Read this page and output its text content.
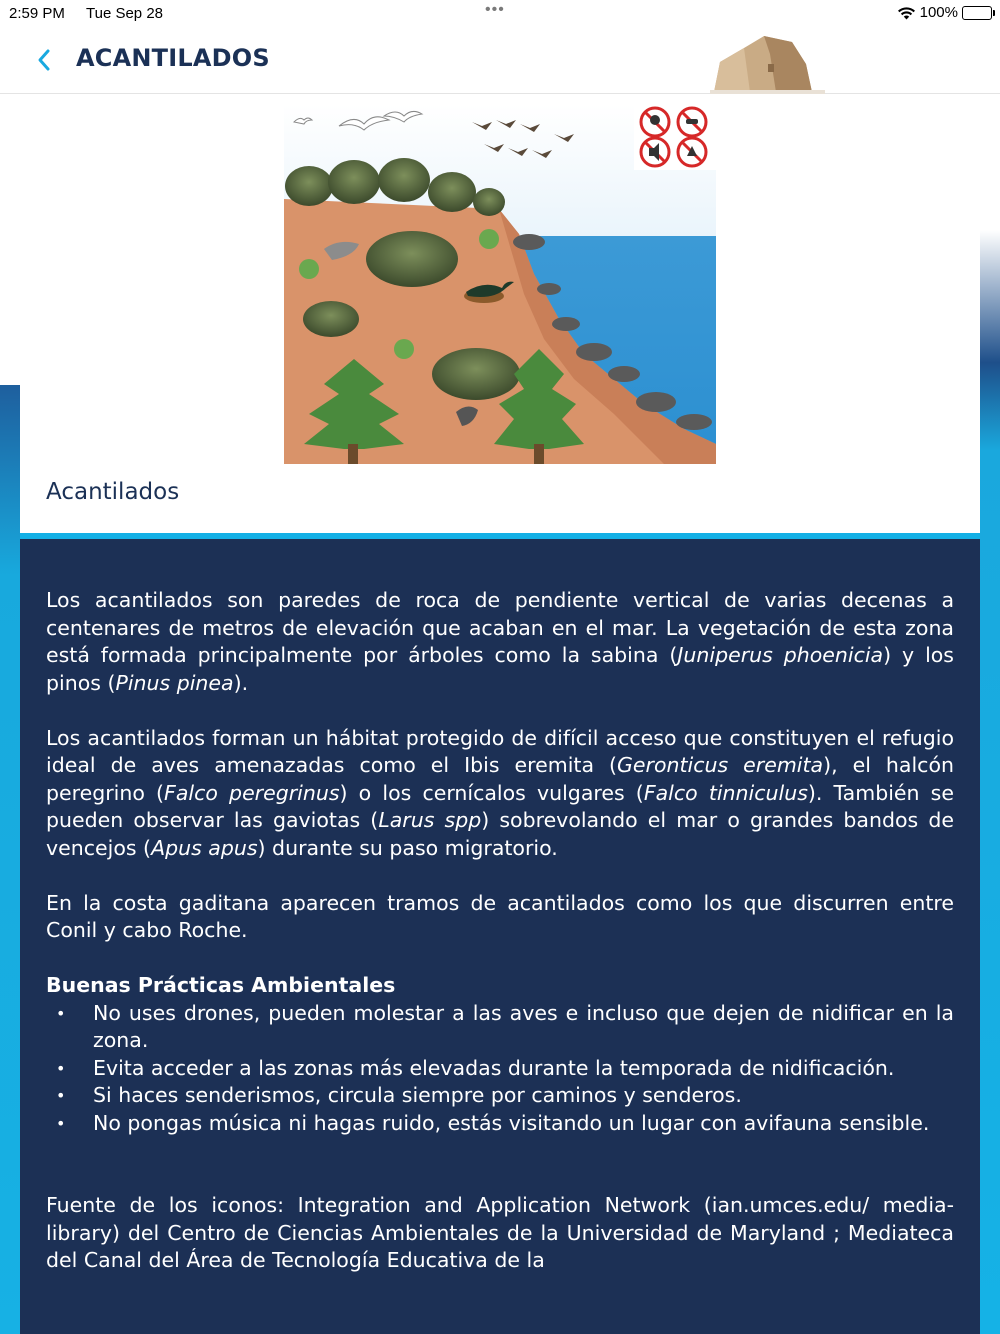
2:59 PM Tue Sep 28	•••	100%
ACANTILADOS
Acantilados

Los acantilados son paredes de roca de pendiente vertical de varias decenas a centenares de metros de elevación que acaban en el mar. La vegetación de esta zona está formada principalmente por árboles como la sabina (Juniperus phoenicia) y los pinos (Pinus pinea).

Los acantilados forman un hábitat protegido de difícil acceso que constituyen el refugio ideal de aves amenazadas como el Ibis eremita (Geronticus eremita), el halcón peregrino (Falco peregrinus) o los cernícalos vulgares (Falco tinniculus). También se pueden observar las gaviotas (Larus spp) sobrevolando el mar o grandes bandos de vencejos (Apus apus) durante su paso migratorio.

En la costa gaditana aparecen tramos de acantilados como los que discurren entre Conil y cabo Roche.

Buenas Prácticas Ambientales
• No uses drones, pueden molestar a las aves e incluso que dejen de nidificar en la zona.
• Evita acceder a las zonas más elevadas durante la temporada de nidificación.
• Si haces senderismos, circula siempre por caminos y senderos.
• No pongas música ni hagas ruido, estás visitando un lugar con avifauna sensible.

Fuente de los iconos: Integration and Application Network (ian.umces.edu/ media-library) del Centro de Ciencias Ambientales de la Universidad de Maryland ; Mediateca del Canal del Área de Tecnología Educativa de la
